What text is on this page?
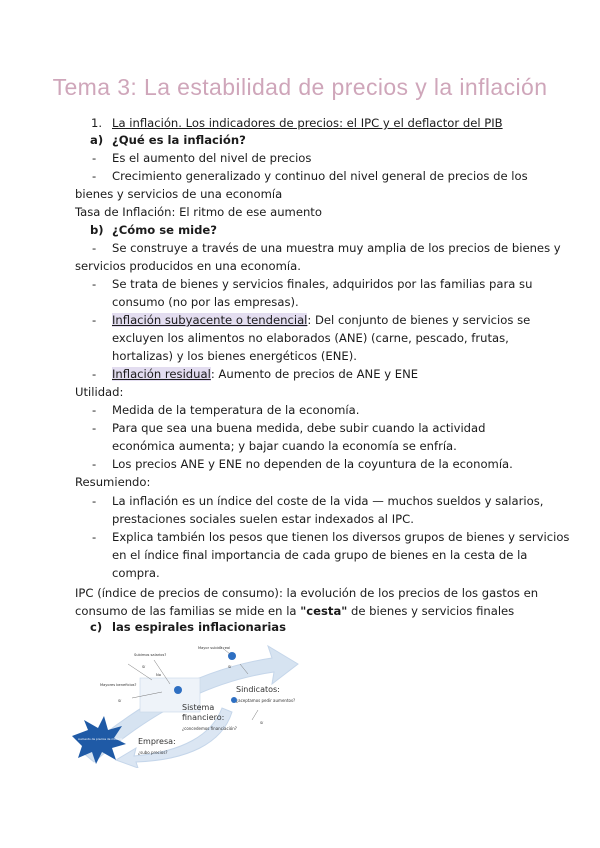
Tema 3: La estabilidad de precios y la inflación
1. La inflación. Los indicadores de precios: el IPC y el deflactor del PIB
a) ¿Qué es la inflación?
- Es el aumento del nivel de precios
- Crecimiento generalizado y continuo del nivel general de precios de los
bienes y servicios de una economía
Tasa de Inflación: El ritmo de ese aumento
b) ¿Cómo se mide?
- Se construye a través de una muestra muy amplia de los precios de bienes y
servicios producidos en una economía.
- Se trata de bienes y servicios finales, adquiridos por las familias para su
consumo (no por las empresas).
- Inflación subyacente o tendencial: Del conjunto de bienes y servicios se
excluyen los alimentos no elaborados (ANE) (carne, pescado, frutas,
hortalizas) y los bienes energéticos (ENE).
- Inflación residual: Aumento de precios de ANE y ENE
Utilidad:
- Medida de la temperatura de la economía.
- Para que sea una buena medida, debe subir cuando la actividad
económica aumenta; y bajar cuando la economía se enfría.
- Los precios ANE y ENE no dependen de la coyuntura de la economía.
Resumiendo:
- La inflación es un índice del coste de la vida — muchos sueldos y salarios,
prestaciones sociales suelen estar indexados al IPC.
- Explica también los pesos que tienen los diversos grupos de bienes y servicios
en el índice final importancia de cada grupo de bienes en la cesta de la
compra.
IPC (índice de precios de consumo): la evolución de los precios de los gastos en
consumo de las familias se mide en la "cesta" de bienes y servicios finales
c) las espirales inflacionarias
Mayor subida real
Subimos salarios?
Mayores beneficios?
Sí
No
Sí
Sí
Sí
Sindicatos:
¿aceptamos pedir aumentos?
Sistema
financiero:
¿concedemos financiación?
Empresa:
¿subo precios?
Aumento de precios de materias primas
